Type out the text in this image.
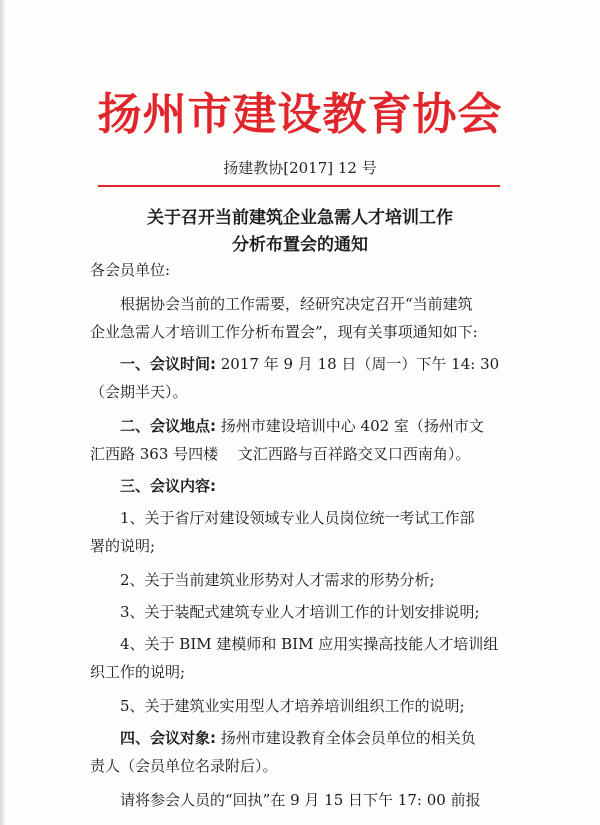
扬州市建设教育协会
扬建教协[2017] 12 号
关于召开当前建筑企业急需人才培训工作
分析布置会的通知

各会员单位:

根据协会当前的工作需要，经研究决定召开“当前建筑

企业急需人才培训工作分析布置会”，现有关事项通知如下:

一、会议时间: 2017 年 9 月 18 日（周一）下午 14: 30

（会期半天）。

二、会议地点: 扬州市建设培训中心 402 室（扬州市文

汇西路 363 号四楼　 文汇西路与百祥路交叉口西南角）。

三、会议内容:

1、关于省厅对建设领域专业人员岗位统一考试工作部

署的说明;

2、关于当前建筑业形势对人才需求的形势分析;

3、关于装配式建筑专业人才培训工作的计划安排说明;

4、关于 BIM 建模师和 BIM 应用实操高技能人才培训组

织工作的说明;

5、关于建筑业实用型人才培养培训组织工作的说明;

四、会议对象: 扬州市建设教育全体会员单位的相关负

责人（会员单位名录附后）。

请将参会人员的“回执”在 9 月 15 日下午 17: 00 前报
